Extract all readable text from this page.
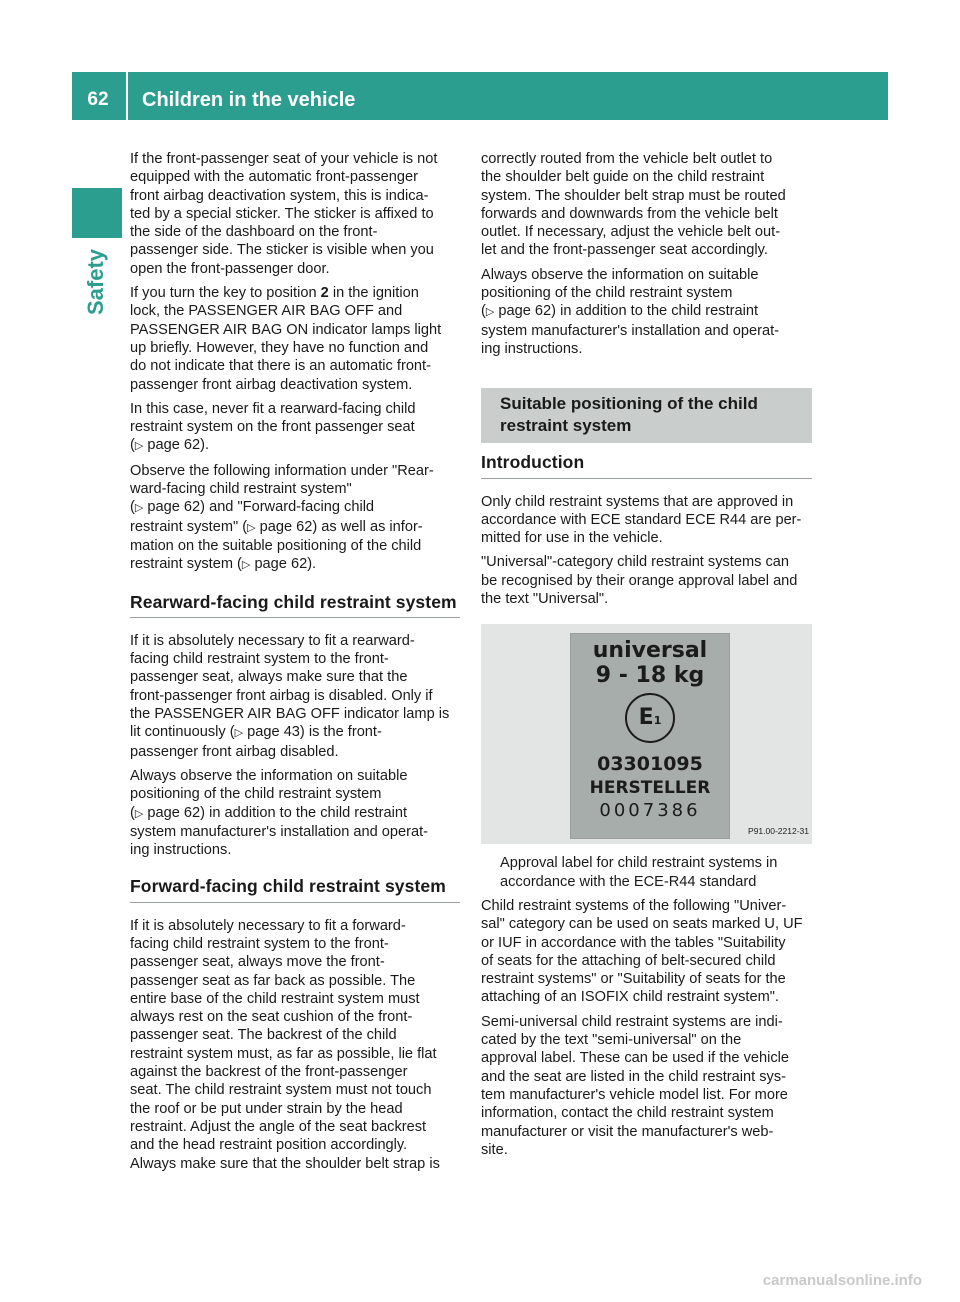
62	Children in the vehicle
Safety

If the front-passenger seat of your vehicle is not
equipped with the automatic front-passenger
front airbag deactivation system, this is indica-
ted by a special sticker. The sticker is affixed to
the side of the dashboard on the front-
passenger side. The sticker is visible when you
open the front-passenger door.

If you turn the key to position 2 in the ignition
lock, the PASSENGER AIR BAG OFF and
PASSENGER AIR BAG ON indicator lamps light
up briefly. However, they have no function and
do not indicate that there is an automatic front-
passenger front airbag deactivation system.

In this case, never fit a rearward-facing child
restraint system on the front passenger seat
(▷ page 62).

Observe the following information under "Rear-
ward-facing child restraint system"
(▷ page 62) and "Forward-facing child
restraint system" (▷ page 62) as well as infor-
mation on the suitable positioning of the child
restraint system (▷ page 62).

Rearward-facing child restraint system

If it is absolutely necessary to fit a rearward-
facing child restraint system to the front-
passenger seat, always make sure that the
front-passenger front airbag is disabled. Only if
the PASSENGER AIR BAG OFF indicator lamp is
lit continuously (▷ page 43) is the front-
passenger front airbag disabled.

Always observe the information on suitable
positioning of the child restraint system
(▷ page 62) in addition to the child restraint
system manufacturer's installation and operat-
ing instructions.

Forward-facing child restraint system

If it is absolutely necessary to fit a forward-
facing child restraint system to the front-
passenger seat, always move the front-
passenger seat as far back as possible. The
entire base of the child restraint system must
always rest on the seat cushion of the front-
passenger seat. The backrest of the child
restraint system must, as far as possible, lie flat
against the backrest of the front-passenger
seat. The child restraint system must not touch
the roof or be put under strain by the head
restraint. Adjust the angle of the seat backrest
and the head restraint position accordingly.
Always make sure that the shoulder belt strap is

correctly routed from the vehicle belt outlet to
the shoulder belt guide on the child restraint
system. The shoulder belt strap must be routed
forwards and downwards from the vehicle belt
outlet. If necessary, adjust the vehicle belt out-
let and the front-passenger seat accordingly.

Always observe the information on suitable
positioning of the child restraint system
(▷ page 62) in addition to the child restraint
system manufacturer's installation and operat-
ing instructions.

Suitable positioning of the child
restraint system
Introduction

Only child restraint systems that are approved in
accordance with ECE standard ECE R44 are per-
mitted for use in the vehicle.

"Universal"-category child restraint systems can
be recognised by their orange approval label and
the text "Universal".

universal
9 - 18 kg
E1
03301095
HERSTELLER
0007386
P91.00-2212-31

Approval label for child restraint systems in
accordance with the ECE-R44 standard

Child restraint systems of the following "Univer-
sal" category can be used on seats marked U, UF
or IUF in accordance with the tables "Suitability
of seats for the attaching of belt-secured child
restraint systems" or "Suitability of seats for the
attaching of an ISOFIX child restraint system".

Semi-universal child restraint systems are indi-
cated by the text "semi-universal" on the
approval label. These can be used if the vehicle
and the seat are listed in the child restraint sys-
tem manufacturer's vehicle model list. For more
information, contact the child restraint system
manufacturer or visit the manufacturer's web-
site.

carmanualsonline.info
